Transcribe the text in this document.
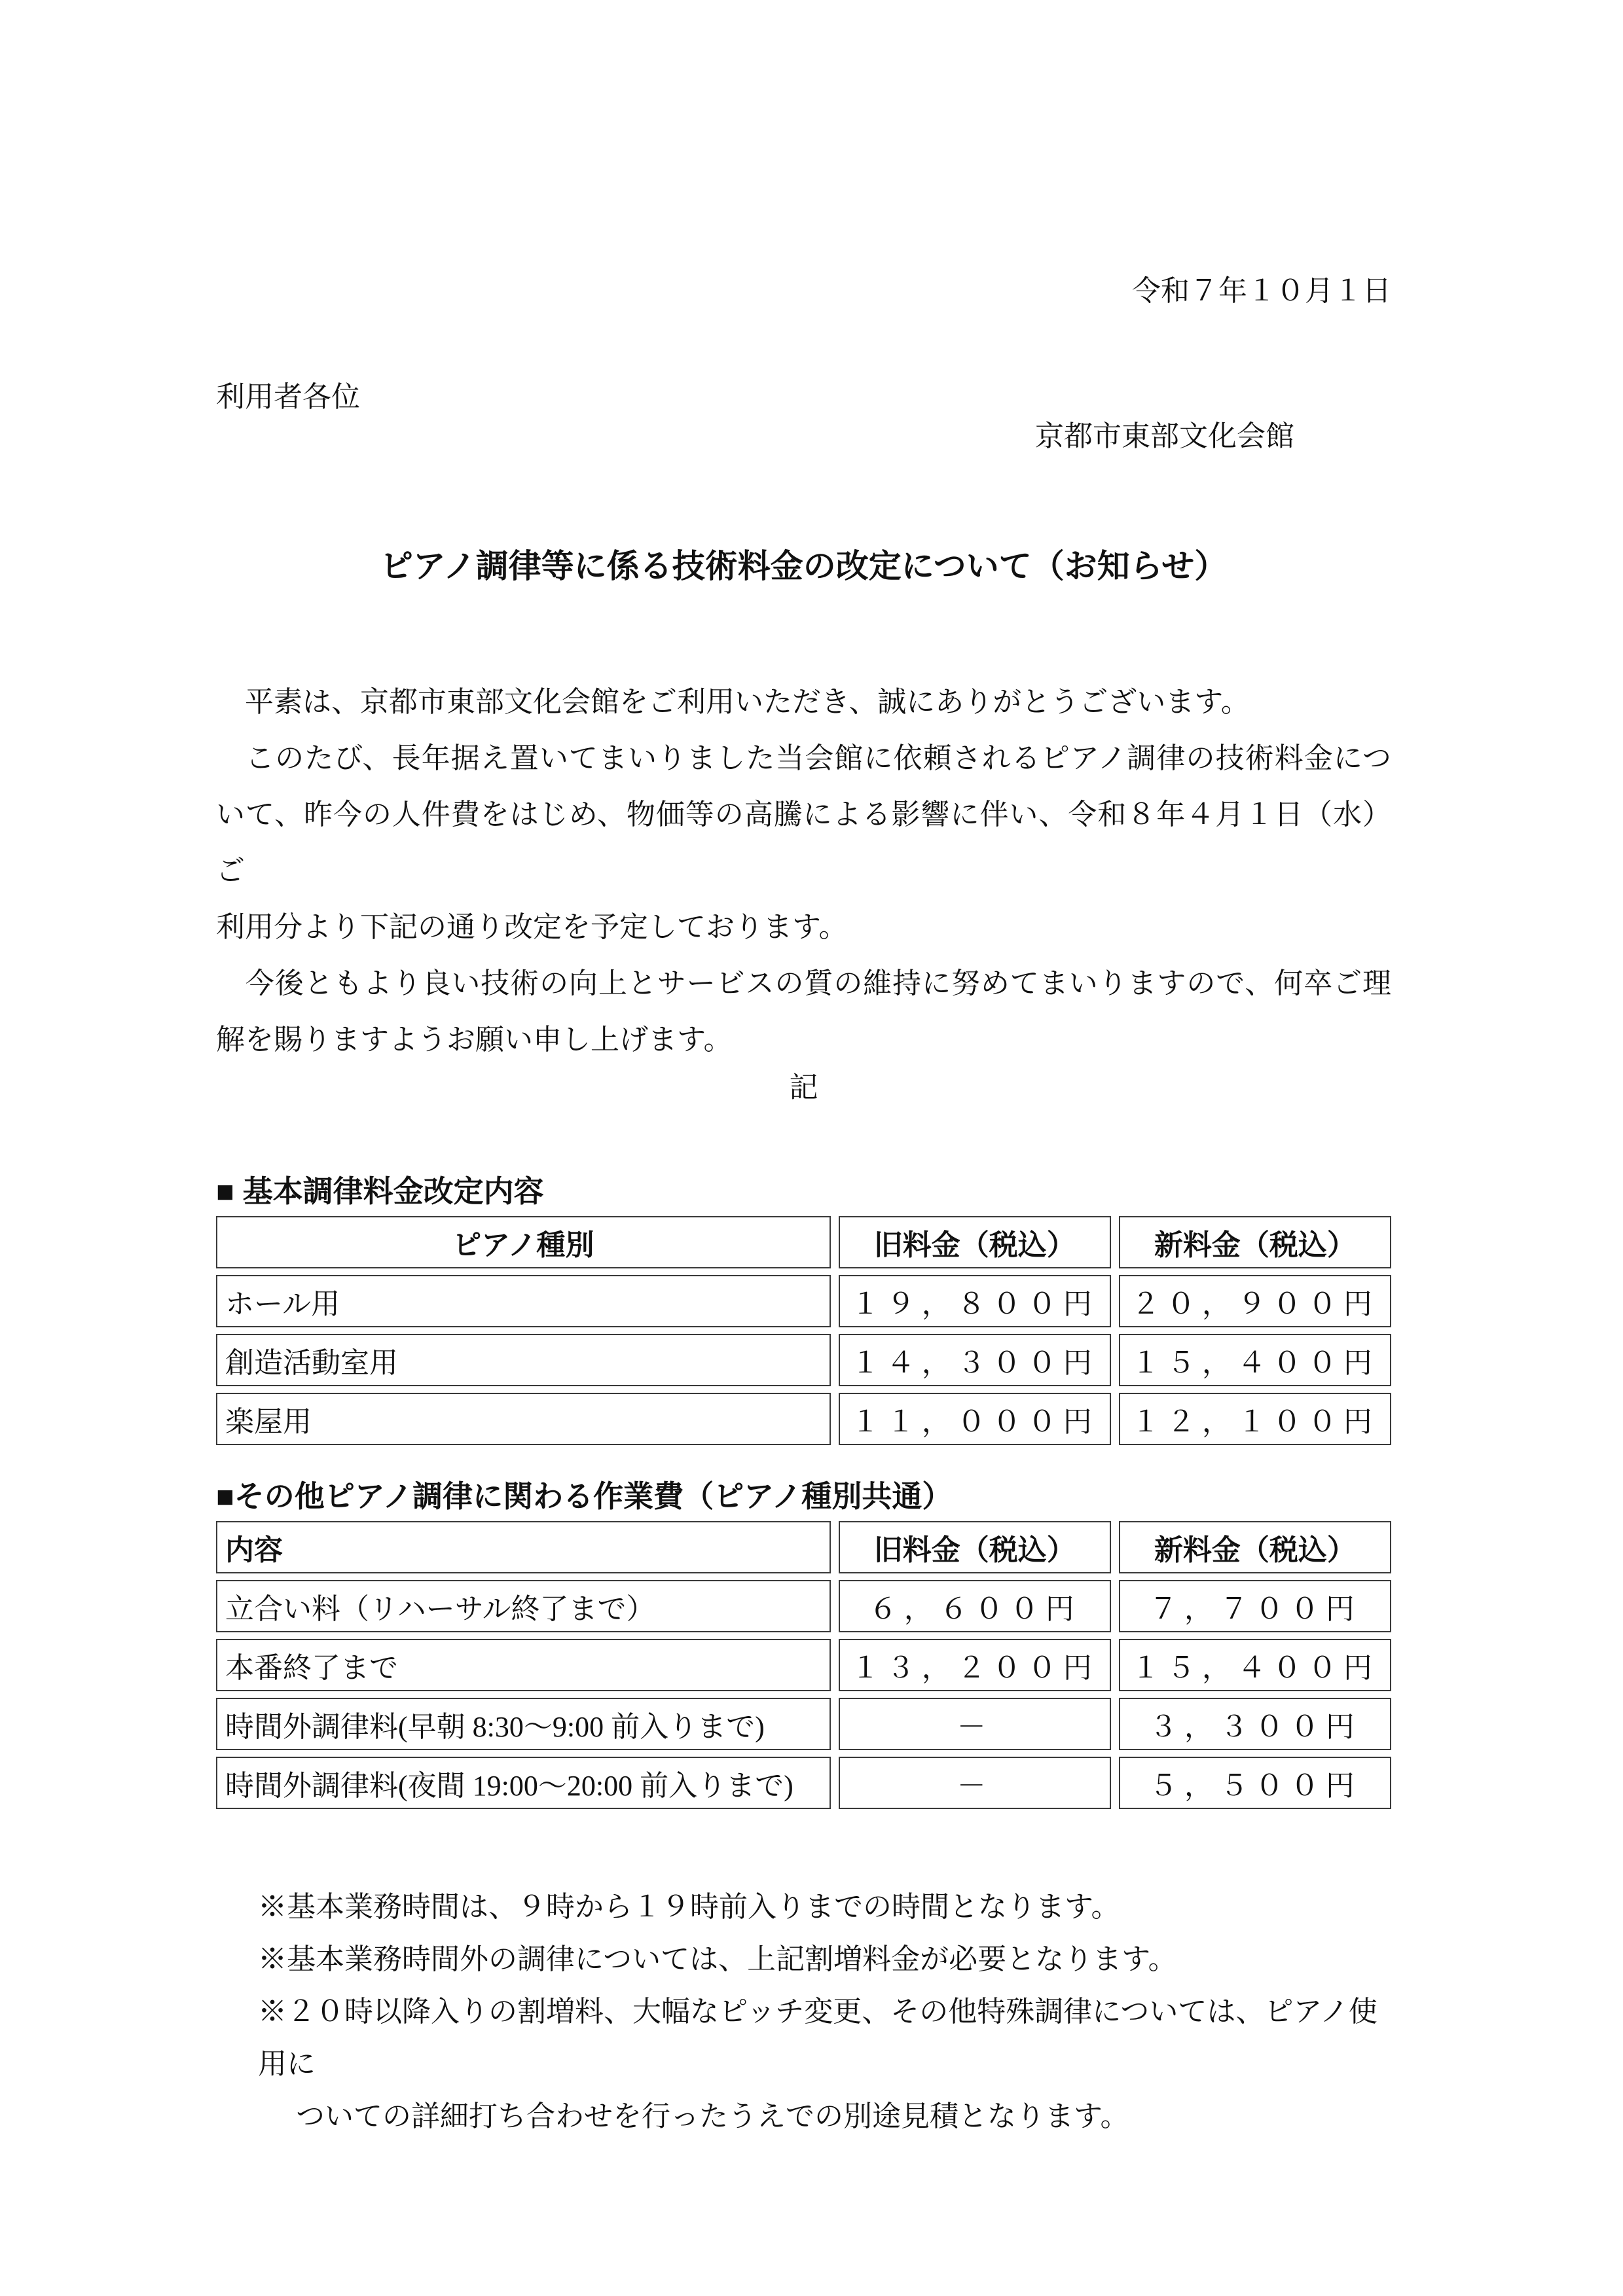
令和７年１０月１日
利用者各位
京都市東部文化会館
ピアノ調律等に係る技術料金の改定について（お知らせ）
　平素は、京都市東部文化会館をご利用いただき、誠にありがとうございます。
　このたび、長年据え置いてまいりました当会館に依頼されるピアノ調律の技術料金につ
いて、昨今の人件費をはじめ、物価等の高騰による影響に伴い、令和８年４月１日（水）ご
利用分より下記の通り改定を予定しております。
　今後ともより良い技術の向上とサービスの質の維持に努めてまいりますので、何卒ご理
解を賜りますようお願い申し上げます。
記
■ 基本調律料金改定内容
ピアノ種別	旧料金（税込）	新料金（税込）
ホール用	１９，８００円	２０，９００円
創造活動室用	１４，３００円	１５，４００円
楽屋用	１１，０００円	１２，１００円
■その他ピアノ調律に関わる作業費（ピアノ種別共通）
内容	旧料金（税込）	新料金（税込）
立合い料（リハーサル終了まで）	６，６００円	７，７００円
本番終了まで	１３，２００円	１５，４００円
時間外調律料(早朝 8:30～9:00 前入りまで)	－	３，３００円
時間外調律料(夜間 19:00～20:00 前入りまで)	－	５，５００円
※基本業務時間は、９時から１９時前入りまでの時間となります。
※基本業務時間外の調律については、上記割増料金が必要となります。
※２０時以降入りの割増料、大幅なピッチ変更、その他特殊調律については、ピアノ使用に
ついての詳細打ち合わせを行ったうえでの別途見積となります。
